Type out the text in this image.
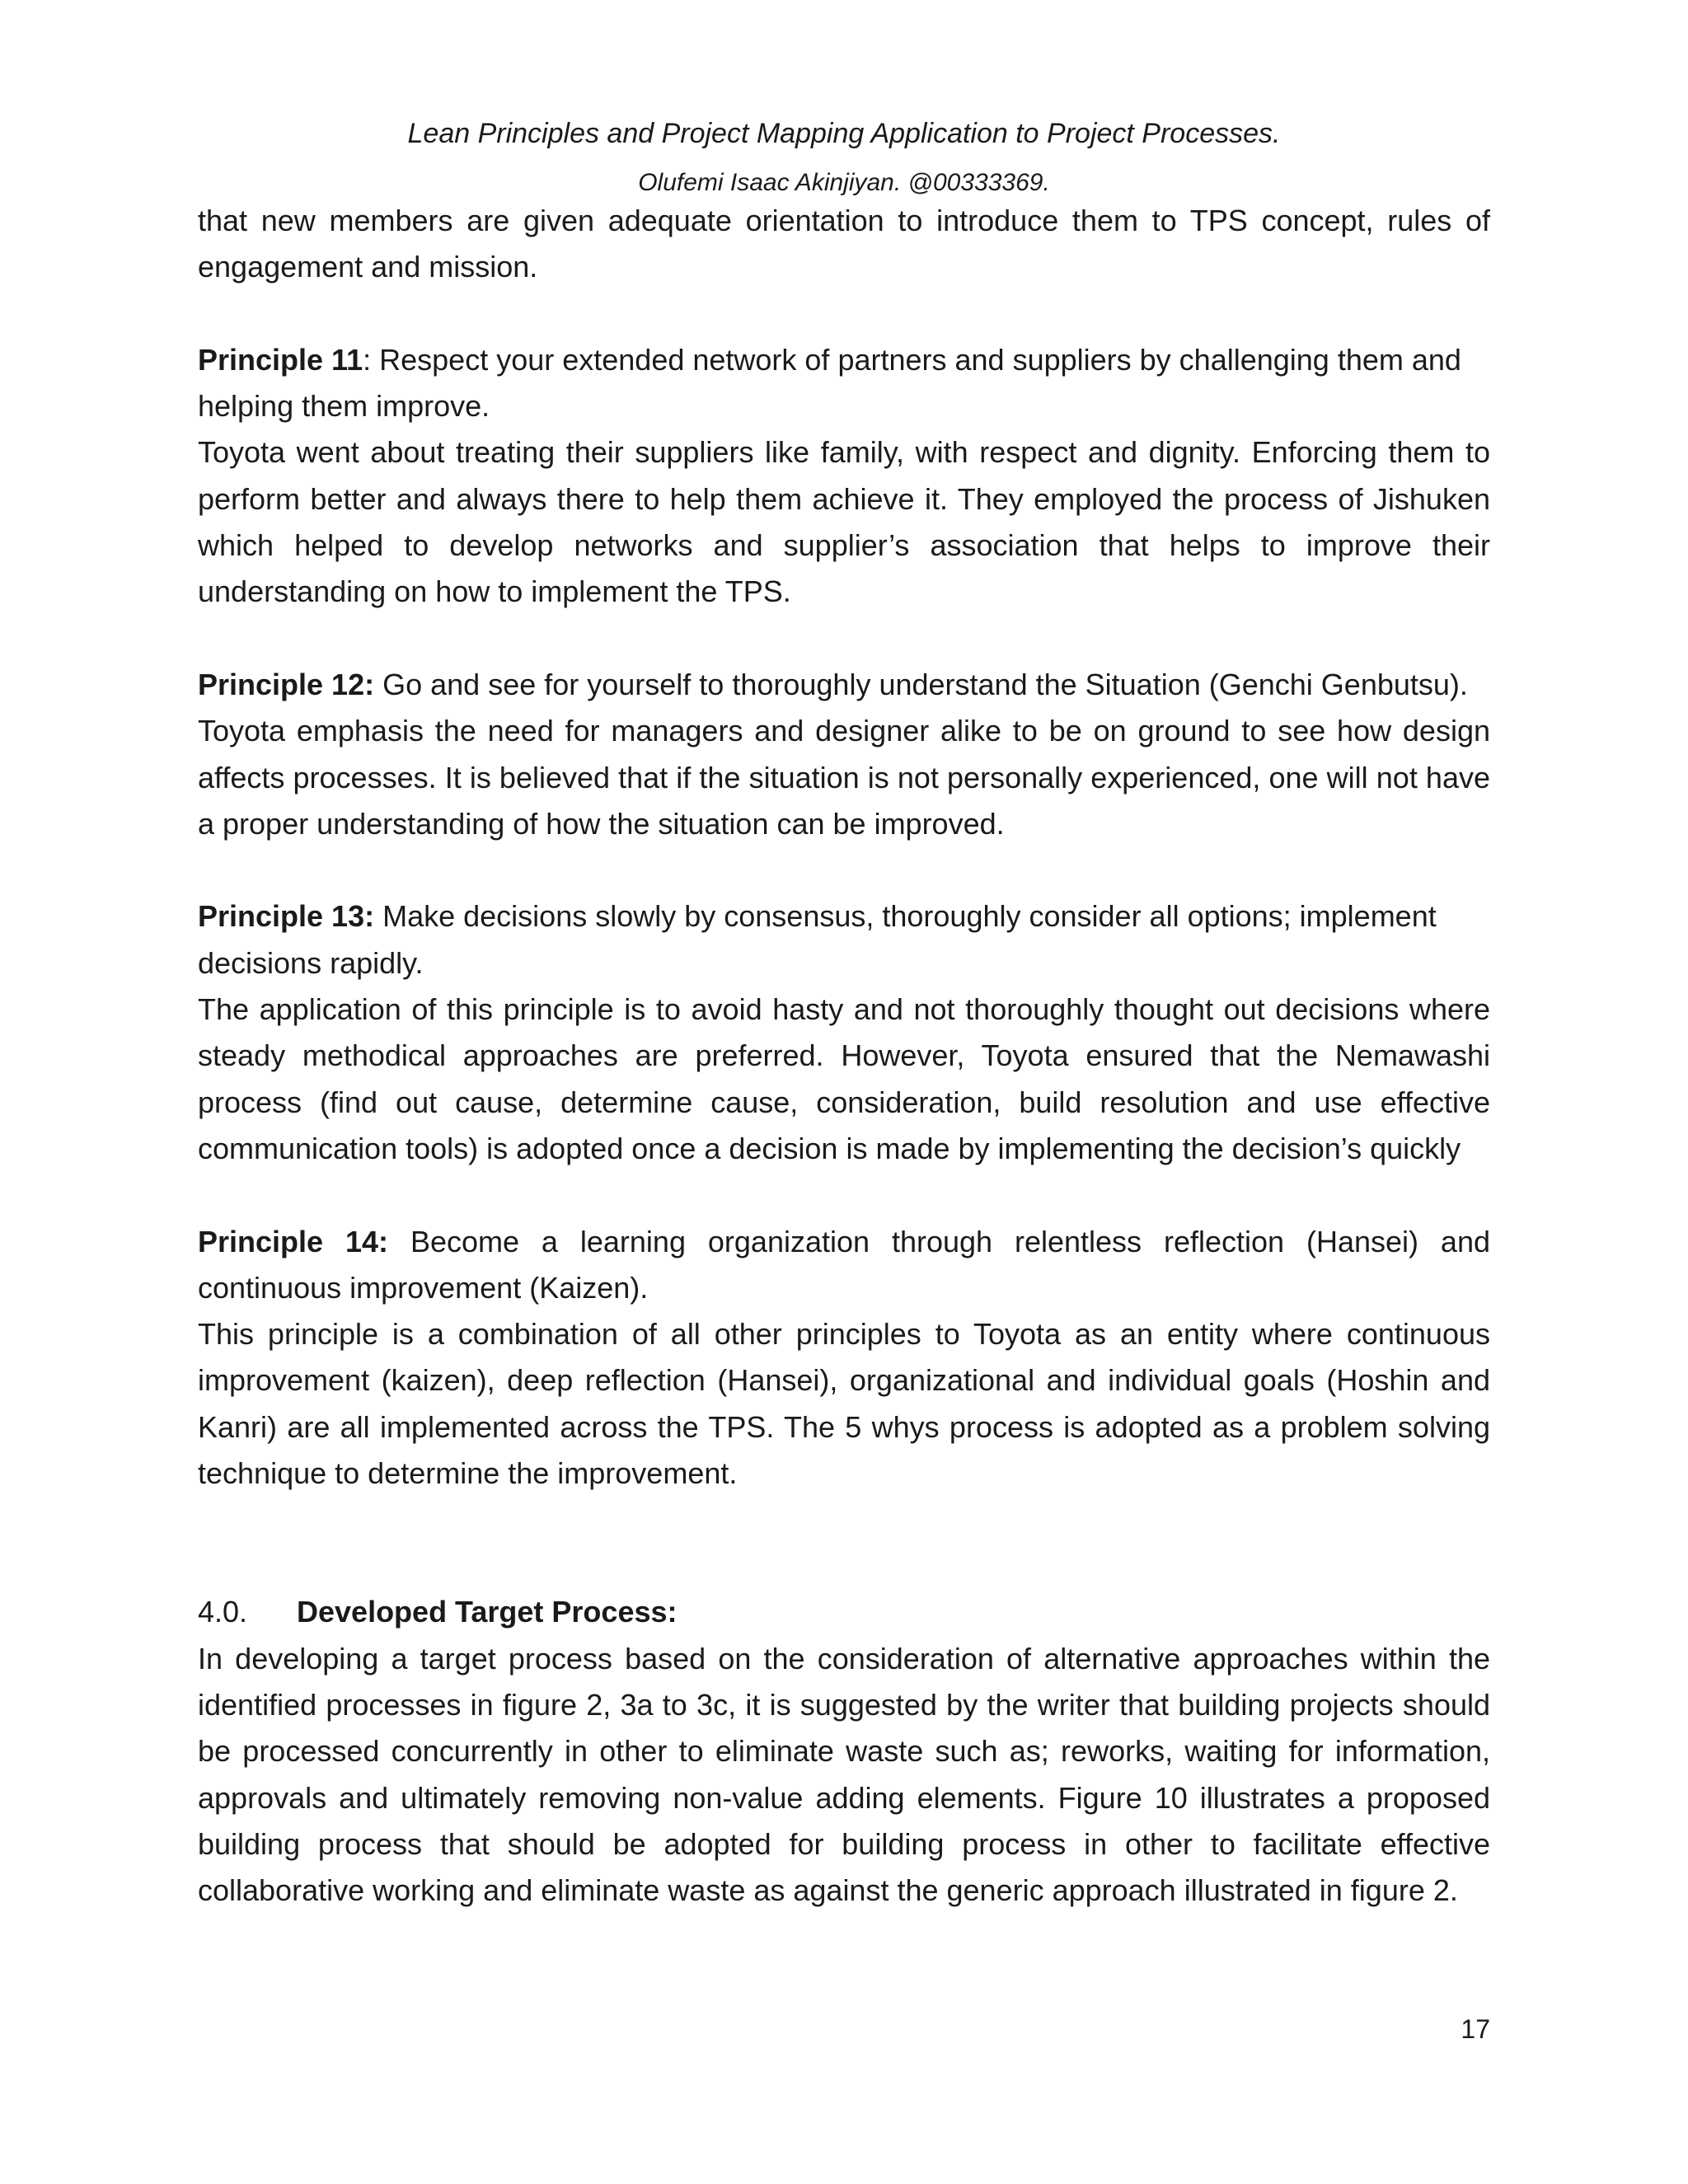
Lean Principles and Project Mapping Application to Project Processes.
Olufemi Isaac Akinjiyan. @00333369.

that new members are given adequate orientation to introduce them to TPS concept, rules of engagement and mission.

Principle 11: Respect your extended network of partners and suppliers by challenging them and helping them improve.

Toyota went about treating their suppliers like family, with respect and dignity. Enforcing them to perform better and always there to help them achieve it. They employed the process of Jishuken which helped to develop networks and supplier’s association that helps to improve their understanding on how to implement the TPS.

Principle 12: Go and see for yourself to thoroughly understand the Situation (Genchi Genbutsu).

Toyota emphasis the need for managers and designer alike to be on ground to see how design affects processes. It is believed that if the situation is not personally experienced, one will not have a proper understanding of how the situation can be improved.

Principle 13: Make decisions slowly by consensus, thoroughly consider all options; implement decisions rapidly.

The application of this principle is to avoid hasty and not thoroughly thought out decisions where steady methodical approaches are preferred. However, Toyota ensured that the Nemawashi process (find out cause, determine cause, consideration, build resolution and use effective communication tools) is adopted once a decision is made by implementing the decision’s quickly

Principle 14: Become a learning organization through relentless reflection (Hansei) and continuous improvement (Kaizen).

This principle is a combination of all other principles to Toyota as an entity where continuous improvement (kaizen), deep reflection (Hansei), organizational and individual goals (Hoshin and Kanri) are all implemented across the TPS. The 5 whys process is adopted as a problem solving technique to determine the improvement.

4.0. Developed Target Process:

In developing a target process based on the consideration of alternative approaches within the identified processes in figure 2, 3a to 3c, it is suggested by the writer that building projects should be processed concurrently in other to eliminate waste such as; reworks, waiting for information, approvals and ultimately removing non-value adding elements. Figure 10 illustrates a proposed building process that should be adopted for building process in other to facilitate effective collaborative working and eliminate waste as against the generic approach illustrated in figure 2.

17
